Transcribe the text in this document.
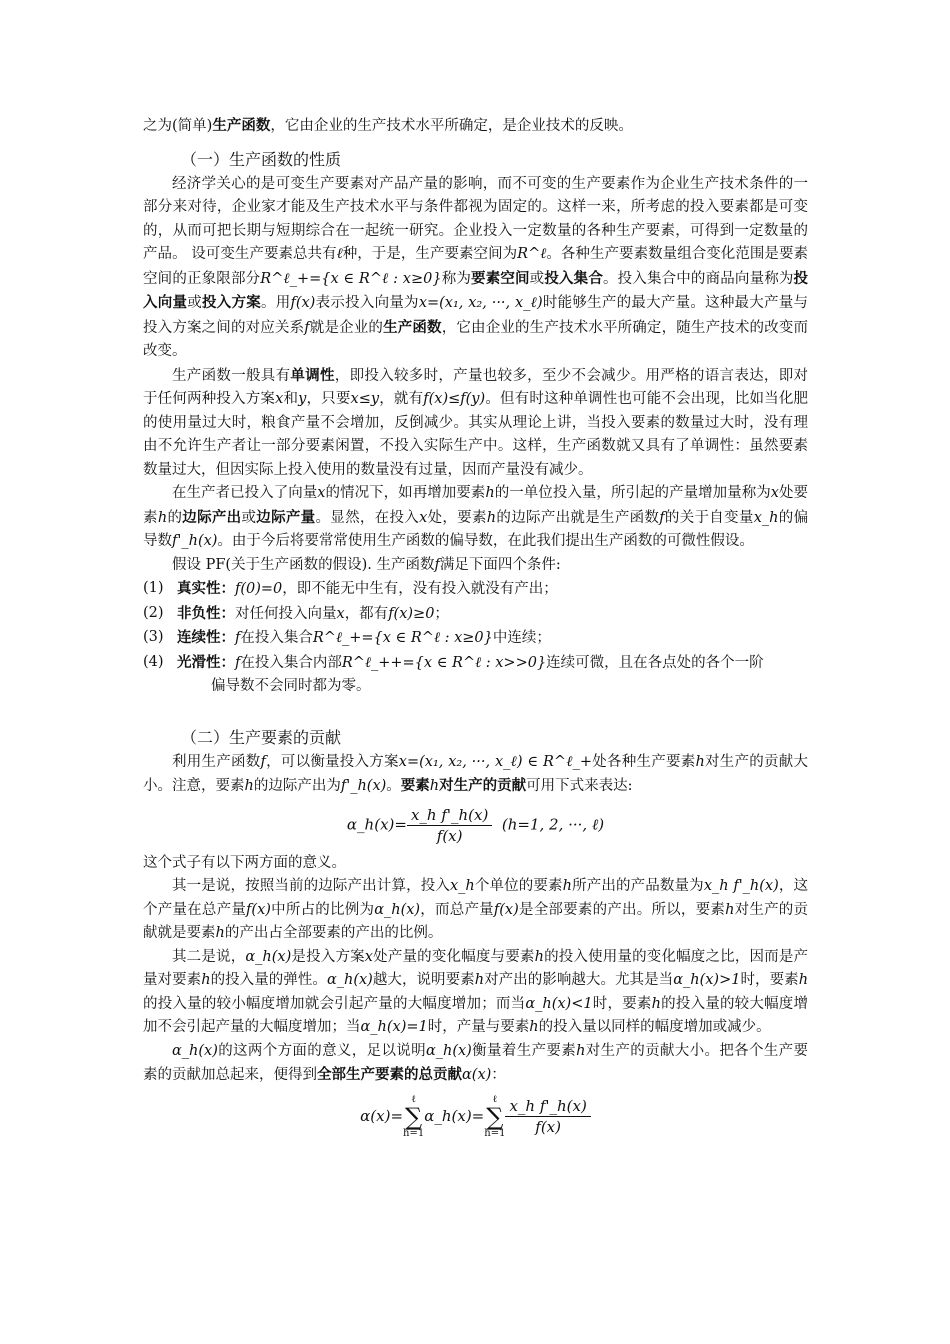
之为(简单)生产函数，它由企业的生产技术水平所确定，是企业技术的反映。

（一）生产函数的性质

经济学关心的是可变生产要素对产品产量的影响，而不可变的生产要素作为企业生产技术条件的一部分来对待，企业家才能及生产技术水平与条件都视为固定的。这样一来，所考虑的投入要素都是可变的，从而可把长期与短期综合在一起统一研究。企业投入一定数量的各种生产要素，可得到一定数量的产品。 设可变生产要素总共有ℓ种，于是，生产要素空间为R^ℓ。各种生产要素数量组合变化范围是要素空间的正象限部分R^ℓ_+={x ∈ R^ℓ : x≥0}称为要素空间或投入集合。投入集合中的商品向量称为投入向量或投入方案。用f(x)表示投入向量为x=(x₁, x₂, ···, x_ℓ)时能够生产的最大产量。这种最大产量与投入方案之间的对应关系f就是企业的生产函数，它由企业的生产技术水平所确定，随生产技术的改变而改变。

生产函数一般具有单调性，即投入较多时，产量也较多，至少不会减少。用严格的语言表达，即对于任何两种投入方案x和y，只要x≤y，就有f(x)≤f(y)。但有时这种单调性也可能不会出现，比如当化肥的使用量过大时，粮食产量不会增加，反倒减少。其实从理论上讲，当投入要素的数量过大时，没有理由不允许生产者让一部分要素闲置，不投入实际生产中。这样，生产函数就又具有了单调性：虽然要素数量过大，但因实际上投入使用的数量没有过量，因而产量没有减少。

在生产者已投入了向量x的情况下，如再增加要素h的一单位投入量，所引起的产量增加量称为x处要素h的边际产出或边际产量。显然，在投入x处，要素h的边际产出就是生产函数f的关于自变量x_h的偏导数f'_h(x)。由于今后将要常常使用生产函数的偏导数，在此我们提出生产函数的可微性假设。

假设 PF(关于生产函数的假设). 生产函数f满足下面四个条件:

(1) 真实性：f(0)=0，即不能无中生有，没有投入就没有产出；
(2) 非负性：对任何投入向量x，都有f(x)≥0；
(3) 连续性：f在投入集合R^ℓ_+={x ∈ R^ℓ : x≥0}中连续；
(4) 光滑性：f在投入集合内部R^ℓ_++={x ∈ R^ℓ : x>>0}连续可微，且在各点处的各个一阶

偏导数不会同时都为零。

（二）生产要素的贡献

利用生产函数f，可以衡量投入方案x=(x₁, x₂, ···, x_ℓ) ∈ R^ℓ_+处各种生产要素h对生产的贡献大小。注意，要素h的边际产出为f'_h(x)。要素h对生产的贡献可用下式来表达:

α_h(x)= $\frac{\text{x\_h f'\_h(x)}}{f(x)} (h=1$, 2, ···, ℓ)

这个式子有以下两方面的意义。

其一是说，按照当前的边际产出计算，投入x_h个单位的要素h所产出的产品数量为x_h f'_h(x)，这个产量在总产量f(x)中所占的比例为α_h(x)，而总产量f(x)是全部要素的产出。所以，要素h对生产的贡献就是要素h的产出占全部要素的产出的比例。

其二是说，α_h(x)是投入方案x处产量的变化幅度与要素h的投入使用量的变化幅度之比，因而是产量对要素h的投入量的弹性。α_h(x)越大，说明要素h对产出的影响越大。尤其是当α_h(x)>1时，要素h的投入量的较小幅度增加就会引起产量的大幅度增加；而当α_h(x)<1时，要素h的投入量的较大幅度增加不会引起产量的大幅度增加；当α_h(x)=1时，产量与要素h的投入量以同样的幅度增加或减少。

α_h(x)的这两个方面的意义，足以说明α_h(x)衡量着生产要素h对生产的贡献大小。把各个生产要素的贡献加总起来，便得到全部生产要素的总贡献α(x)：

α(x)=
ℓ
∑
h=1
α_h(x)=
ℓ
∑
$h=1 \frac{\text{x\_h f'\_h(x)}}{f(x)}$
